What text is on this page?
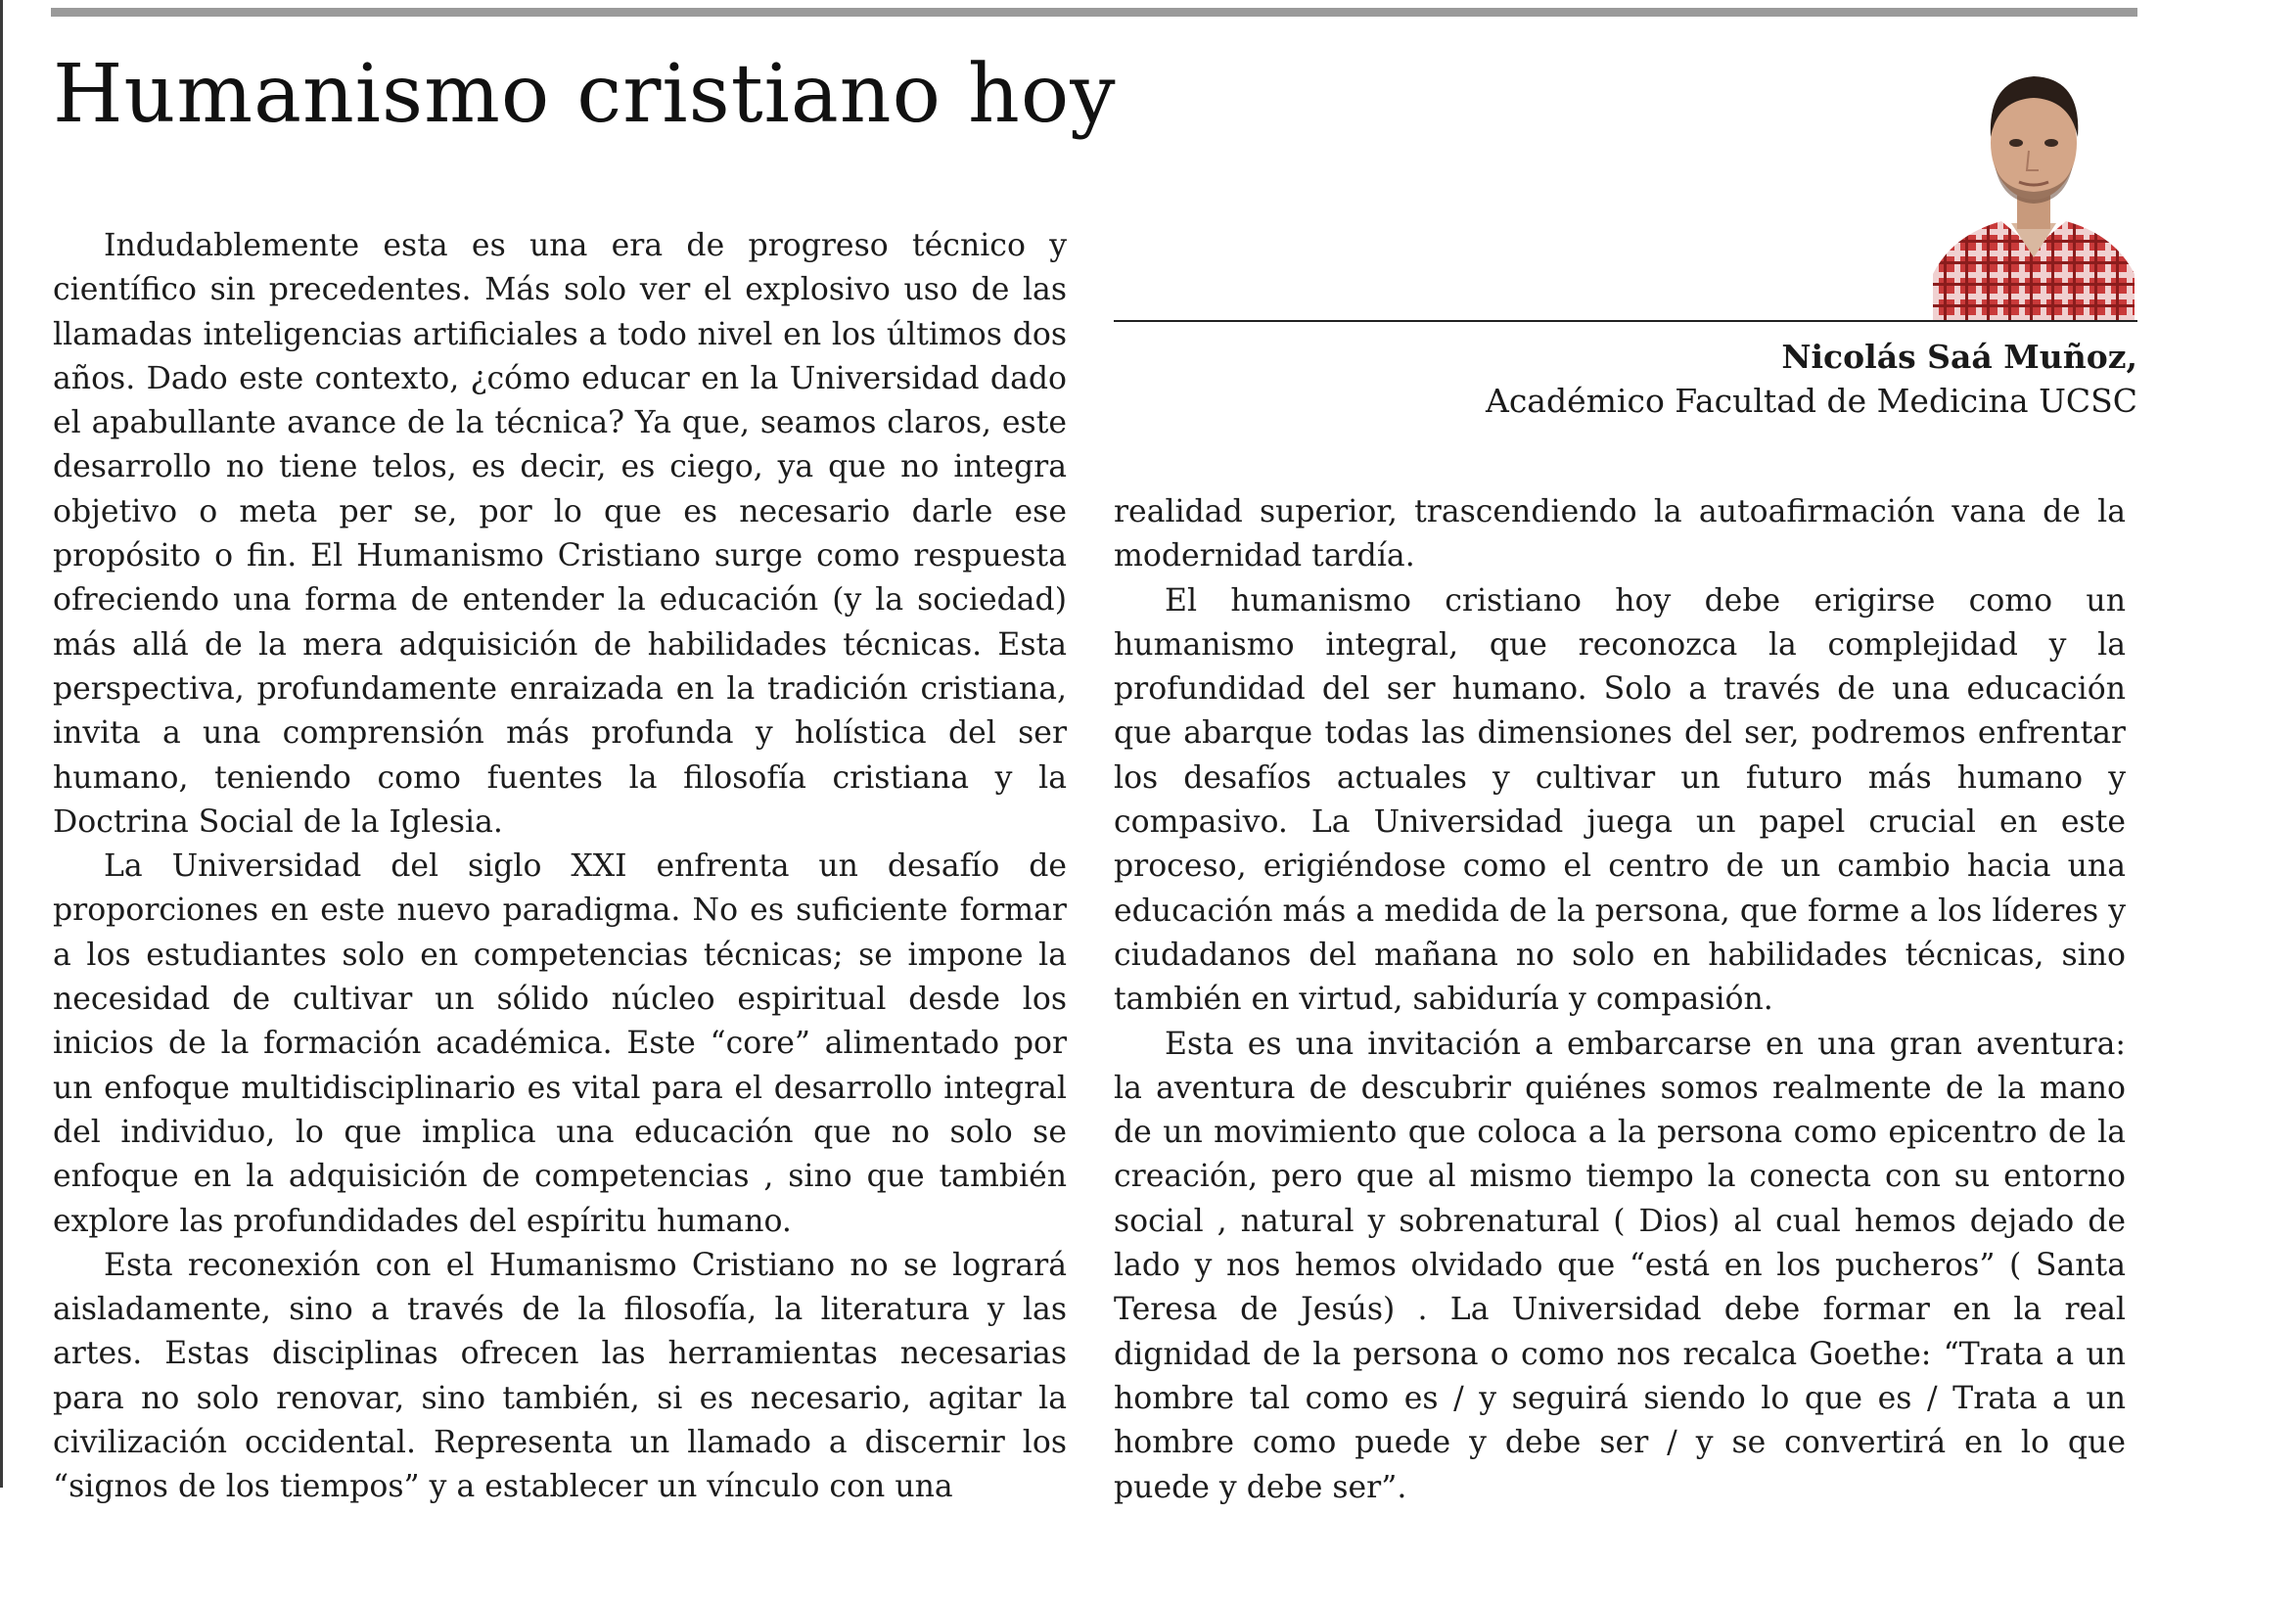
Humanismo cristiano hoy
Nicolás Saá Muñoz,
Académico Facultad de Medicina UCSC

Indudablemente esta es una era de progreso técnico y científico sin precedentes. Más solo ver el explosivo uso de las llamadas inteligencias artificiales a todo nivel en los últimos dos años. Dado este contexto, ¿cómo educar en la Universidad dado el apabullante avance de la técnica? Ya que, seamos claros, este desarrollo no tiene telos, es decir, es ciego, ya que no integra objetivo o meta per se, por lo que es necesario darle ese propósito o fin. El Humanismo Cristiano surge como respuesta ofreciendo una forma de entender la educación (y la sociedad) más allá de la mera adquisición de habilidades técnicas. Esta perspectiva, profundamente enraizada en la tradición cristiana, invita a una comprensión más profunda y holística del ser humano, teniendo como fuentes la filosofía cristiana y la Doctrina Social de la Iglesia.

La Universidad del siglo XXI enfrenta un desafío de proporciones en este nuevo paradigma. No es suficiente formar a los estudiantes solo en competencias técnicas; se impone la necesidad de cultivar un sólido núcleo espiritual desde los inicios de la formación académica. Este “core” alimentado por un enfoque multidisciplinario es vital para el desarrollo integral del individuo, lo que implica una educación que no solo se enfoque en la adquisición de competencias , sino que también explore las profundidades del espíritu humano.

Esta reconexión con el Humanismo Cristiano no se logrará aisladamente, sino a través de la filosofía, la literatura y las artes. Estas disciplinas ofrecen las herramientas necesarias para no solo renovar, sino también, si es necesario, agitar la civilización occidental. Representa un llamado a discernir los “signos de los tiempos” y a establecer un vínculo con una

realidad superior, trascendiendo la autoafirmación vana de la modernidad tardía.

El humanismo cristiano hoy debe erigirse como un humanismo integral, que reconozca la complejidad y la profundidad del ser humano. Solo a través de una educación que abarque todas las dimensiones del ser, podremos enfrentar los desafíos actuales y cultivar un futuro más humano y compasivo. La Universidad juega un papel crucial en este proceso, erigiéndose como el centro de un cambio hacia una educación más a medida de la persona, que forme a los líderes y ciudadanos del mañana no solo en habilidades técnicas, sino también en virtud, sabiduría y compasión.

Esta es una invitación a embarcarse en una gran aventura: la aventura de descubrir quiénes somos realmente de la mano de un movimiento que coloca a la persona como epicentro de la creación, pero que al mismo tiempo la conecta con su entorno social , natural y sobrenatural ( Dios) al cual hemos dejado de lado y nos hemos olvidado que “está en los pucheros” ( Santa Teresa de Jesús) . La Universidad debe formar en la real dignidad de la persona o como nos recalca Goethe: “Trata a un hombre tal como es / y seguirá siendo lo que es / Trata a un hombre como puede y debe ser / y se convertirá en lo que puede y debe ser”.
